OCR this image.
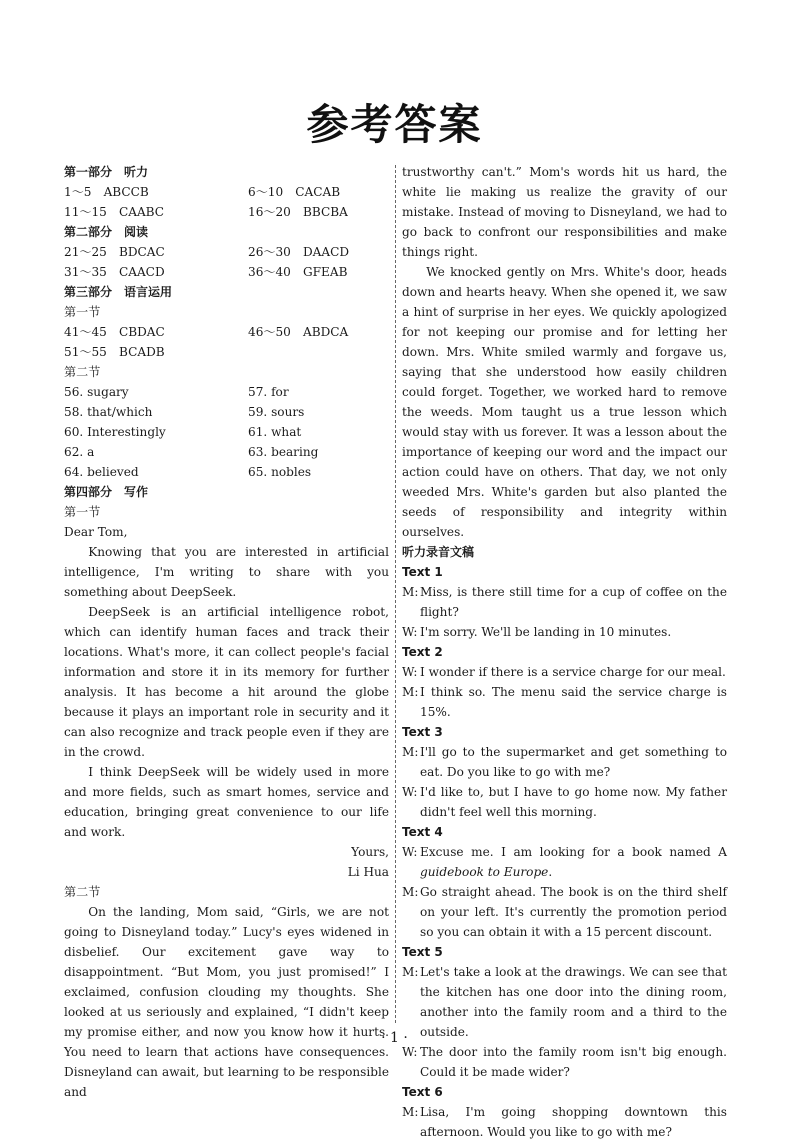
参考答案
第一部分　听力
1～5　ABCCB	6～10　CACAB
11～15　CAABC	16～20　BBCBA
第二部分　阅读
21～25　BDCAC	26～30　DAACD
31～35　CAACD	36～40　GFEAB
第三部分　语言运用
第一节
41～45　CBDAC	46～50　ABDCA
51～55　BCADB
第二节
56. sugary	57. for
58. that/which	59. sours
60. Interestingly	61. what
62. a	63. bearing
64. believed	65. nobles
第四部分　写作
第一节
Dear Tom,

Knowing that you are interested in artificial intelligence, I'm writing to share with you something about DeepSeek.

DeepSeek is an artificial intelligence robot, which can identify human faces and track their locations. What's more, it can collect people's facial information and store it in its memory for further analysis. It has become a hit around the globe because it plays an important role in security and it can also recognize and track people even if they are in the crowd.

I think DeepSeek will be widely used in more and more fields, such as smart homes, service and education, bringing great convenience to our life and work.

Yours,
Li Hua
第二节

On the landing, Mom said, “Girls, we are not going to Disneyland today.” Lucy's eyes widened in disbelief. Our excitement gave way to disappointment. “But Mom, you just promised!” I exclaimed, confusion clouding my thoughts. She looked at us seriously and explained, “I didn't keep my promise either, and now you know how it hurts. You need to learn that actions have consequences. Disneyland can await, but learning to be responsible and

trustworthy can't.” Mom's words hit us hard, the white lie making us realize the gravity of our mistake. Instead of moving to Disneyland, we had to go back to confront our responsibilities and make things right.

We knocked gently on Mrs. White's door, heads down and hearts heavy. When she opened it, we saw a hint of surprise in her eyes. We quickly apologized for not keeping our promise and for letting her down. Mrs. White smiled warmly and forgave us, saying that she understood how easily children could forget. Together, we worked hard to remove the weeds. Mom taught us a true lesson which would stay with us forever. It was a lesson about the importance of keeping our word and the impact our action could have on others. That day, we not only weeded Mrs. White's garden but also planted the seeds of responsibility and integrity within ourselves.

听力录音文稿
Text 1
M: Miss, is there still time for a cup of coffee on the flight?
W: I'm sorry. We'll be landing in 10 minutes.
Text 2
W: I wonder if there is a service charge for our meal.
M: I think so. The menu said the service charge is 15%.
Text 3
M: I'll go to the supermarket and get something to eat. Do you like to go with me?
W: I'd like to, but I have to go home now. My father didn't feel well this morning.
Text 4
W: Excuse me. I am looking for a book named A guidebook to Europe.
M: Go straight ahead. The book is on the third shelf on your left. It's currently the promotion period so you can obtain it with a 15 percent discount.
Text 5
M: Let's take a look at the drawings. We can see that the kitchen has one door into the dining room, another into the family room and a third to the outside.
W: The door into the family room isn't big enough. Could it be made wider?
Text 6
M: Lisa, I'm going shopping downtown this afternoon. Would you like to go with me?
· 1 ·
